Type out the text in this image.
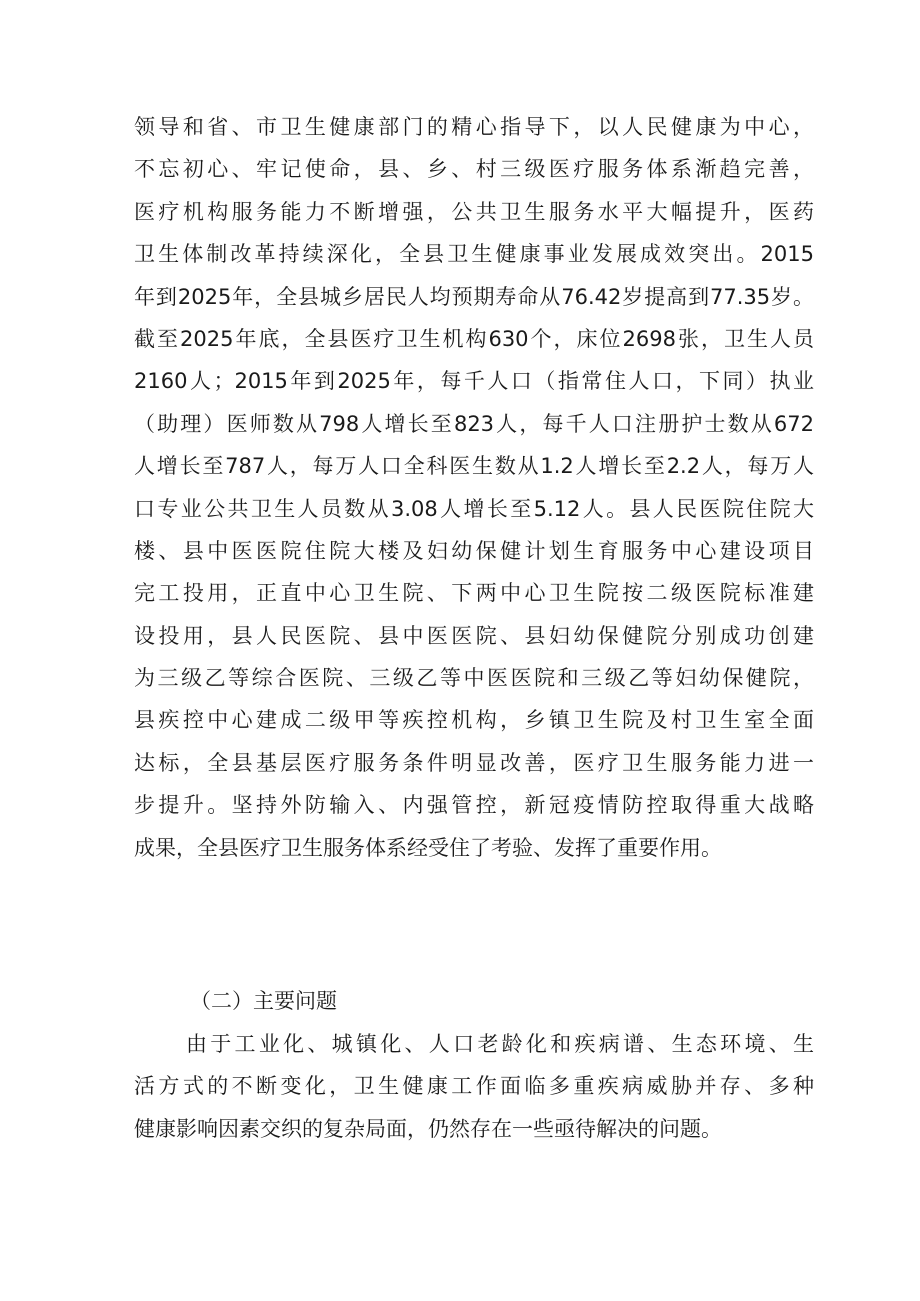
领导和省、市卫生健康部门的精心指导下，以人民健康为中心，
不忘初心、牢记使命，县、乡、村三级医疗服务体系渐趋完善，
医疗机构服务能力不断增强，公共卫生服务水平大幅提升，医药
卫生体制改革持续深化，全县卫生健康事业发展成效突出。2015
年到2025年，全县城乡居民人均预期寿命从76.42岁提高到77.35岁。
截至2025年底，全县医疗卫生机构630个，床位2698张，卫生人员
2160人；2015年到2025年，每千人口（指常住人口，下同）执业
（助理）医师数从798人增长至823人，每千人口注册护士数从672
人增长至787人，每万人口全科医生数从1.2人增长至2.2人，每万人
口专业公共卫生人员数从3.08人增长至5.12人。县人民医院住院大
楼、县中医医院住院大楼及妇幼保健计划生育服务中心建设项目
完工投用，正直中心卫生院、下两中心卫生院按二级医院标准建
设投用，县人民医院、县中医医院、县妇幼保健院分别成功创建
为三级乙等综合医院、三级乙等中医医院和三级乙等妇幼保健院，
县疾控中心建成二级甲等疾控机构，乡镇卫生院及村卫生室全面
达标，全县基层医疗服务条件明显改善，医疗卫生服务能力进一
步提升。坚持外防输入、内强管控，新冠疫情防控取得重大战略
成果，全县医疗卫生服务体系经受住了考验、发挥了重要作用。
（二）主要问题
由于工业化、城镇化、人口老龄化和疾病谱、生态环境、生
活方式的不断变化，卫生健康工作面临多重疾病威胁并存、多种
健康影响因素交织的复杂局面，仍然存在一些亟待解决的问题。
